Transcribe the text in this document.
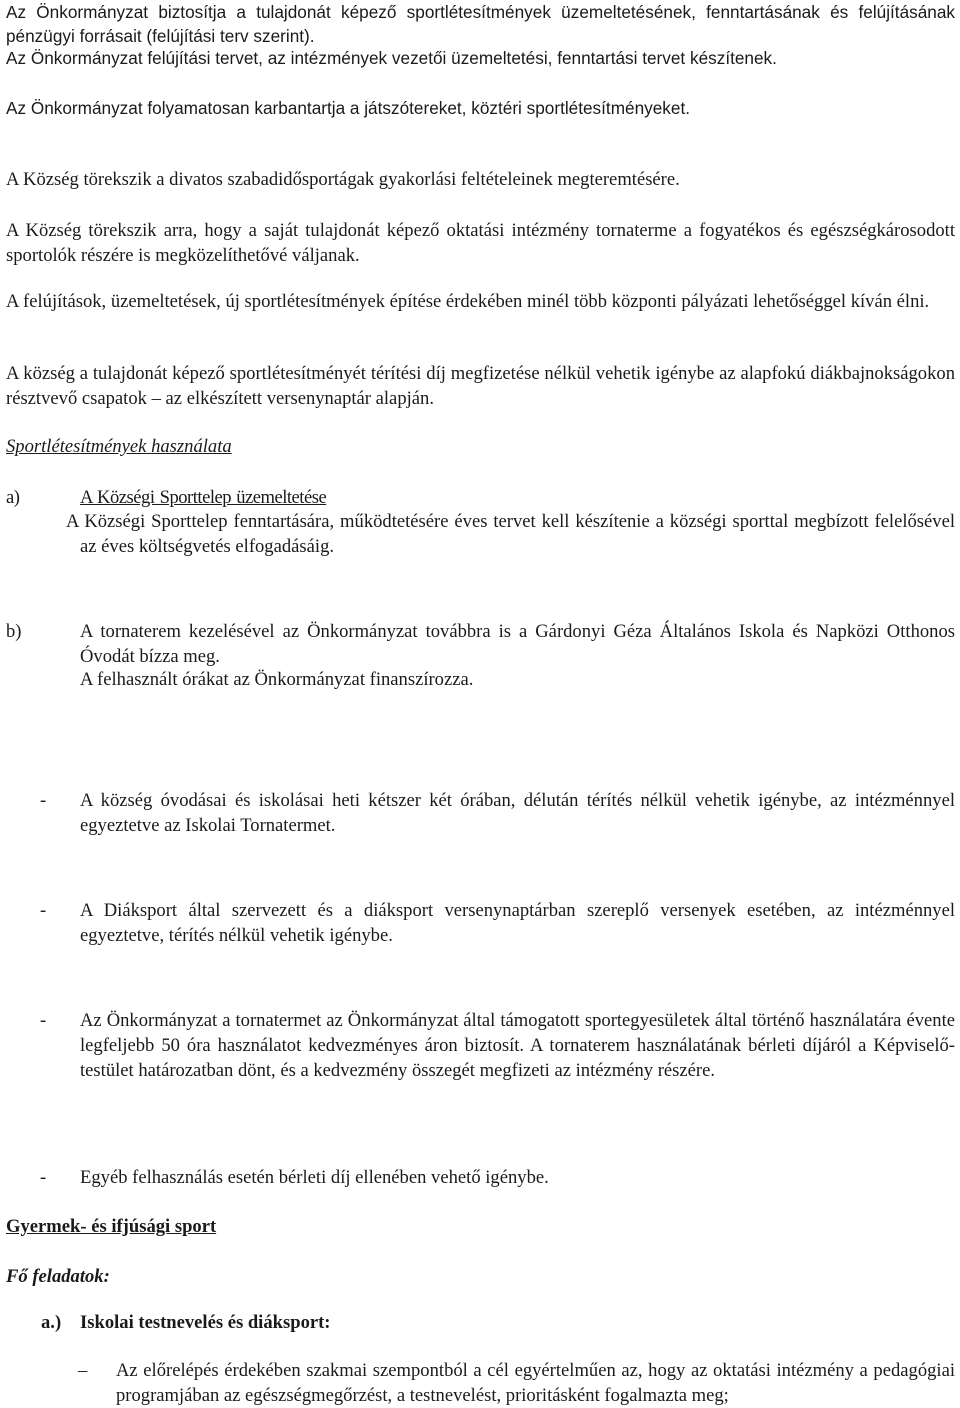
Az Önkormányzat biztosítja a tulajdonát képező sportlétesítmények üzemeltetésének, fenntartásának és felújításának pénzügyi forrásait (felújítási terv szerint).

Az Önkormányzat felújítási tervet, az intézmények vezetői üzemeltetési, fenntartási tervet készítenek.

Az Önkormányzat folyamatosan karbantartja a játszótereket, köztéri sportlétesítményeket.

A Község törekszik a divatos szabadidősportágak gyakorlási feltételeinek megteremtésére.

A Község törekszik arra, hogy a saját tulajdonát képező oktatási intézmény tornaterme a fogyatékos és egészségkárosodott sportolók részére is megközelíthetővé váljanak.

A felújítások, üzemeltetések, új sportlétesítmények építése érdekében minél több központi pályázati lehetőséggel kíván élni.

A község a tulajdonát képező sportlétesítményét térítési díj megfizetése nélkül vehetik igénybe az alapfokú diákbajnokságokon résztvevő csapatok – az elkészített versenynaptár alapján.

Sportlétesítmények használata

a)	A Községi Sporttelep üzemeltetése

A Községi Sporttelep fenntartására, működtetésére éves tervet kell készítenie a községi sporttal megbízott felelősével az éves költségvetés elfogadásáig.

b)	A tornaterem kezelésével az Önkormányzat továbbra is a Gárdonyi Géza Általános Iskola és Napközi Otthonos Óvodát bízza meg.

A felhasznált órákat az Önkormányzat finanszírozza.

- A község óvodásai és iskolásai heti kétszer két órában, délután térítés nélkül vehetik igénybe, az intézménnyel egyeztetve az Iskolai Tornatermet.

- A Diáksport által szervezett és a diáksport versenynaptárban szereplő versenyek esetében, az intézménnyel egyeztetve, térítés nélkül vehetik igénybe.

- Az Önkormányzat a tornatermet az Önkormányzat által támogatott sportegyesületek által történő használatára évente legfeljebb 50 óra használatot kedvezményes áron biztosít. A tornaterem használatának bérleti díjáról a Képviselő-testület határozatban dönt, és a kedvezmény összegét megfizeti az intézmény részére.

- Egyéb felhasználás esetén bérleti díj ellenében vehető igénybe.

Gyermek- és ifjúsági sport

Fő feladatok:

a.) Iskolai testnevelés és diáksport:
– Az előrelépés érdekében szakmai szempontból a cél egyértelműen az, hogy az oktatási intézmény a pedagógiai programjában az egészségmegőrzést, a testnevelést, prioritásként fogalmazta meg;
